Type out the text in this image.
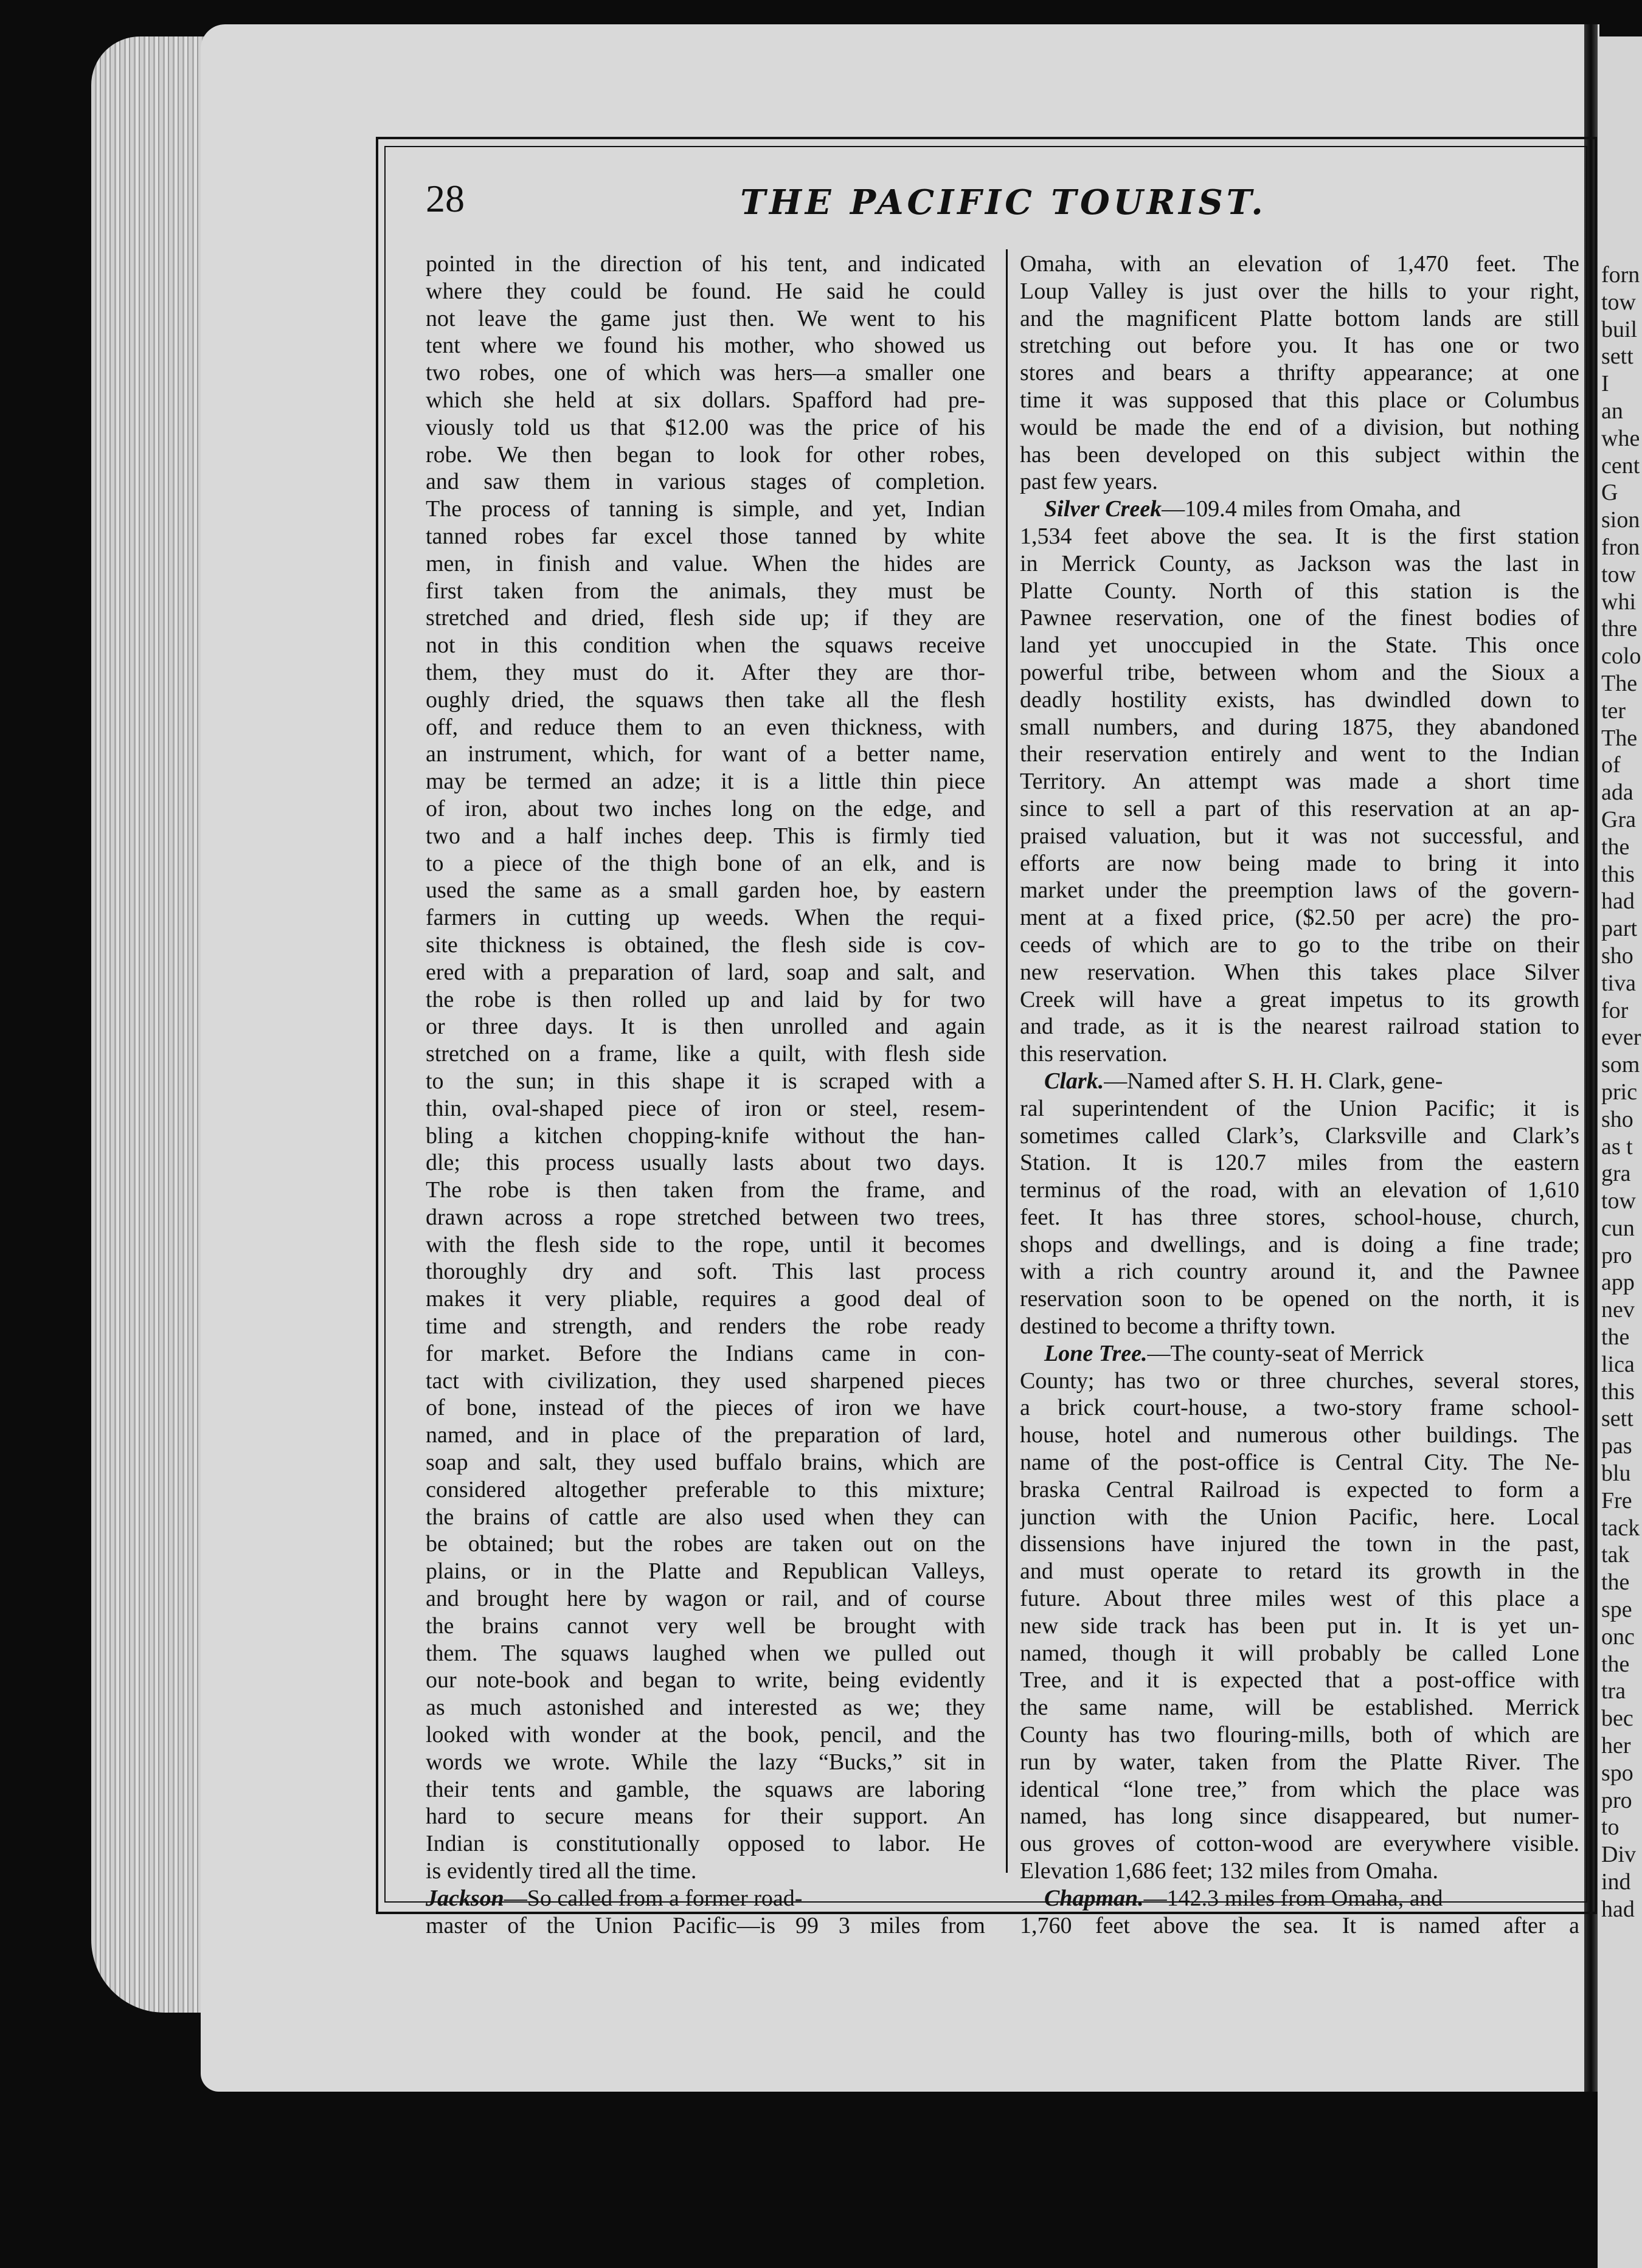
forn
tow
buil
sett
I
an
whe
cent
G
sion
fron
tow
whi
thre
colo
The
ter
The
of
ada
Gra
the
this
had
part
sho
tiva
for
ever
som
pric
sho
as t
gra
tow
cun
pro
app
nev
the
lica
this
sett
pas
blu
Fre
tack
tak
the
spe
onc
the
tra
bec
her
spo
pro
to
Div
ind
had
28	THE PACIFIC TOURIST.
pointed in the direction of his tent, and indicated
where they could be found. He said he could
not leave the game just then. We went to his
tent where we found his mother, who showed us
two robes, one of which was hers—a smaller one
which she held at six dollars. Spafford had pre-
viously told us that $12.00 was the price of his
robe. We then began to look for other robes,
and saw them in various stages of completion.
The process of tanning is simple, and yet, Indian
tanned robes far excel those tanned by white
men, in finish and value. When the hides are
first taken from the animals, they must be
stretched and dried, flesh side up; if they are
not in this condition when the squaws receive
them, they must do it. After they are thor-
oughly dried, the squaws then take all the flesh
off, and reduce them to an even thickness, with
an instrument, which, for want of a better name,
may be termed an adze; it is a little thin piece
of iron, about two inches long on the edge, and
two and a half inches deep. This is firmly tied
to a piece of the thigh bone of an elk, and is
used the same as a small garden hoe, by eastern
farmers in cutting up weeds. When the requi-
site thickness is obtained, the flesh side is cov-
ered with a preparation of lard, soap and salt, and
the robe is then rolled up and laid by for two
or three days. It is then unrolled and again
stretched on a frame, like a quilt, with flesh side
to the sun; in this shape it is scraped with a
thin, oval-shaped piece of iron or steel, resem-
bling a kitchen chopping-knife without the han-
dle; this process usually lasts about two days.
The robe is then taken from the frame, and
drawn across a rope stretched between two trees,
with the flesh side to the rope, until it becomes
thoroughly dry and soft. This last process
makes it very pliable, requires a good deal of
time and strength, and renders the robe ready
for market. Before the Indians came in con-
tact with civilization, they used sharpened pieces
of bone, instead of the pieces of iron we have
named, and in place of the preparation of lard,
soap and salt, they used buffalo brains, which are
considered altogether preferable to this mixture;
the brains of cattle are also used when they can
be obtained; but the robes are taken out on the
plains, or in the Platte and Republican Valleys,
and brought here by wagon or rail, and of course
the brains cannot very well be brought with
them. The squaws laughed when we pulled out
our note-book and began to write, being evidently
as much astonished and interested as we; they
looked with wonder at the book, pencil, and the
words we wrote. While the lazy “Bucks,” sit in
their tents and gamble, the squaws are laboring
hard to secure means for their support. An
Indian is constitutionally opposed to labor. He
is evidently tired all the time.
Jackson—So called from a former road-
master of the Union Pacific—is 99 3 miles from
Omaha, with an elevation of 1,470 feet. The
Loup Valley is just over the hills to your right,
and the magnificent Platte bottom lands are still
stretching out before you. It has one or two
stores and bears a thrifty appearance; at one
time it was supposed that this place or Columbus
would be made the end of a division, but nothing
has been developed on this subject within the
past few years.
Silver Creek—109.4 miles from Omaha, and
1,534 feet above the sea. It is the first station
in Merrick County, as Jackson was the last in
Platte County. North of this station is the
Pawnee reservation, one of the finest bodies of
land yet unoccupied in the State. This once
powerful tribe, between whom and the Sioux a
deadly hostility exists, has dwindled down to
small numbers, and during 1875, they abandoned
their reservation entirely and went to the Indian
Territory. An attempt was made a short time
since to sell a part of this reservation at an ap-
praised valuation, but it was not successful, and
efforts are now being made to bring it into
market under the preemption laws of the govern-
ment at a fixed price, ($2.50 per acre) the pro-
ceeds of which are to go to the tribe on their
new reservation. When this takes place Silver
Creek will have a great impetus to its growth
and trade, as it is the nearest railroad station to
this reservation.
Clark.—Named after S. H. H. Clark, gene-
ral superintendent of the Union Pacific; it is
sometimes called Clark’s, Clarksville and Clark’s
Station. It is 120.7 miles from the eastern
terminus of the road, with an elevation of 1,610
feet. It has three stores, school-house, church,
shops and dwellings, and is doing a fine trade;
with a rich country around it, and the Pawnee
reservation soon to be opened on the north, it is
destined to become a thrifty town.
Lone Tree.—The county-seat of Merrick
County; has two or three churches, several stores,
a brick court-house, a two-story frame school-
house, hotel and numerous other buildings. The
name of the post-office is Central City. The Ne-
braska Central Railroad is expected to form a
junction with the Union Pacific, here. Local
dissensions have injured the town in the past,
and must operate to retard its growth in the
future. About three miles west of this place a
new side track has been put in. It is yet un-
named, though it will probably be called Lone
Tree, and it is expected that a post-office with
the same name, will be established. Merrick
County has two flouring-mills, both of which are
run by water, taken from the Platte River. The
identical “lone tree,” from which the place was
named, has long since disappeared, but numer-
ous groves of cotton-wood are everywhere visible.
Elevation 1,686 feet; 132 miles from Omaha.
Chapman.—142.3 miles from Omaha, and
1,760 feet above the sea. It is named after a
